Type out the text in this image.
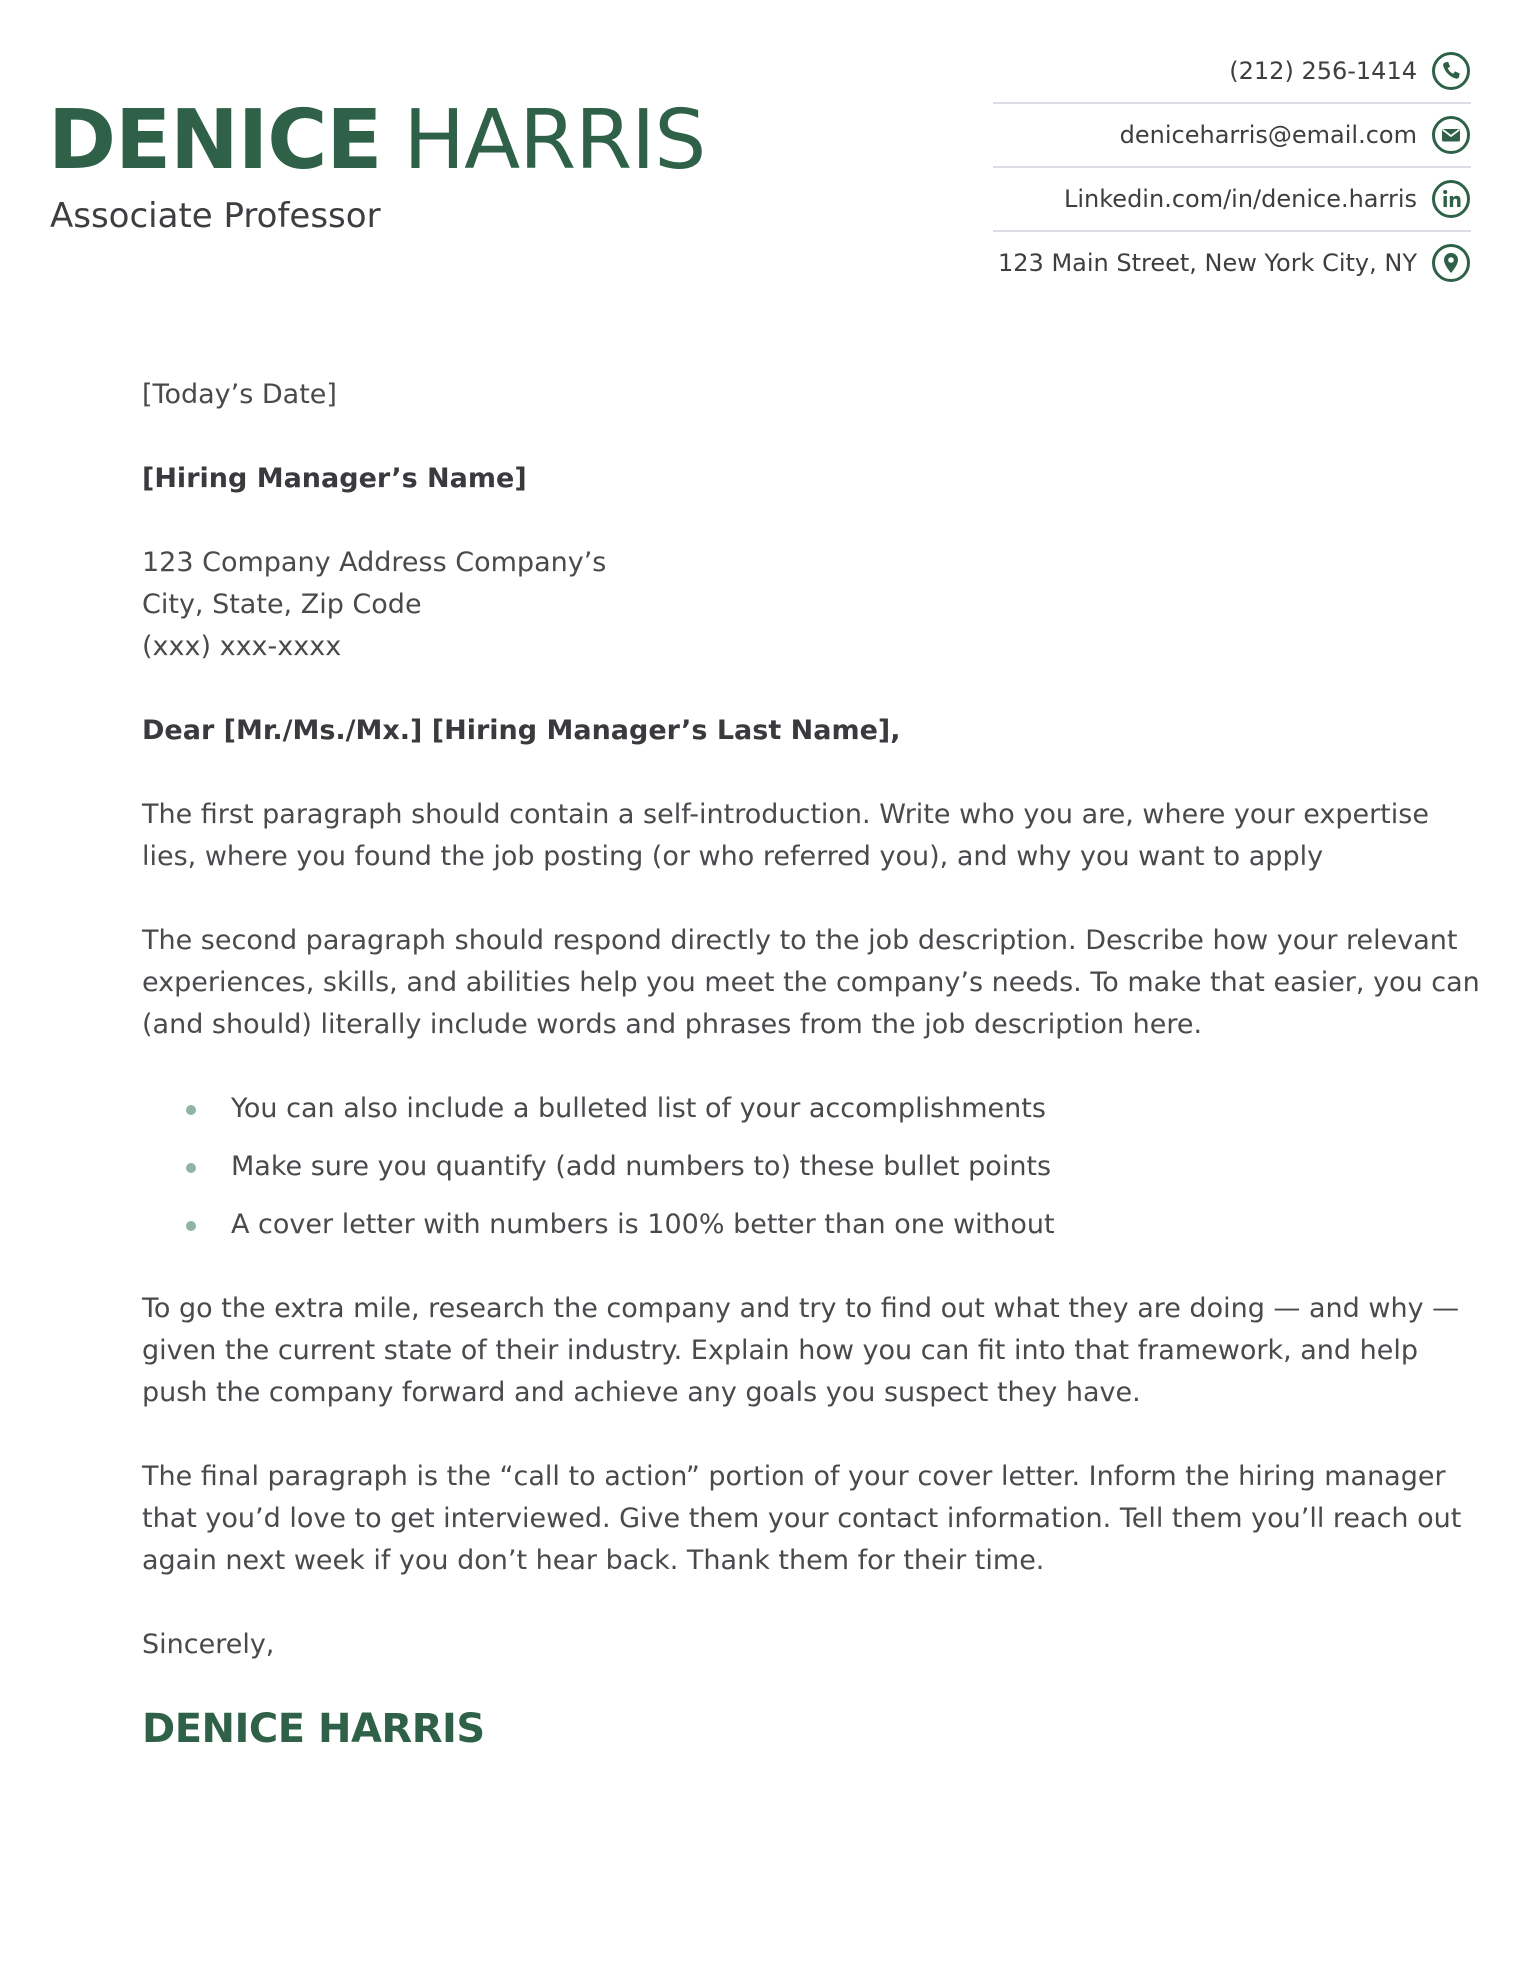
DENICE HARRIS
Associate Professor
(212) 256-1414
deniceharris@email.com
Linkedin.com/in/denice.harris
123 Main Street, New York City, NY

[Today’s Date]

[Hiring Manager’s Name]

123 Company Address Company’s

City, State, Zip Code

(xxx) xxx-xxxx

Dear [Mr./Ms./Mx.] [Hiring Manager’s Last Name],

The first paragraph should contain a self-introduction. Write who you are, where your expertise

lies, where you found the job posting (or who referred you), and why you want to apply

The second paragraph should respond directly to the job description. Describe how your relevant

experiences, skills, and abilities help you meet the company’s needs. To make that easier, you can

(and should) literally include words and phrases from the job description here.

You can also include a bulleted list of your accomplishments
Make sure you quantify (add numbers to) these bullet points
A cover letter with numbers is 100% better than one without

To go the extra mile, research the company and try to find out what they are doing — and why —

given the current state of their industry. Explain how you can fit into that framework, and help

push the company forward and achieve any goals you suspect they have.

The final paragraph is the “call to action” portion of your cover letter. Inform the hiring manager

that you’d love to get interviewed. Give them your contact information. Tell them you’ll reach out

again next week if you don’t hear back. Thank them for their time.

Sincerely,

DENICE HARRIS
